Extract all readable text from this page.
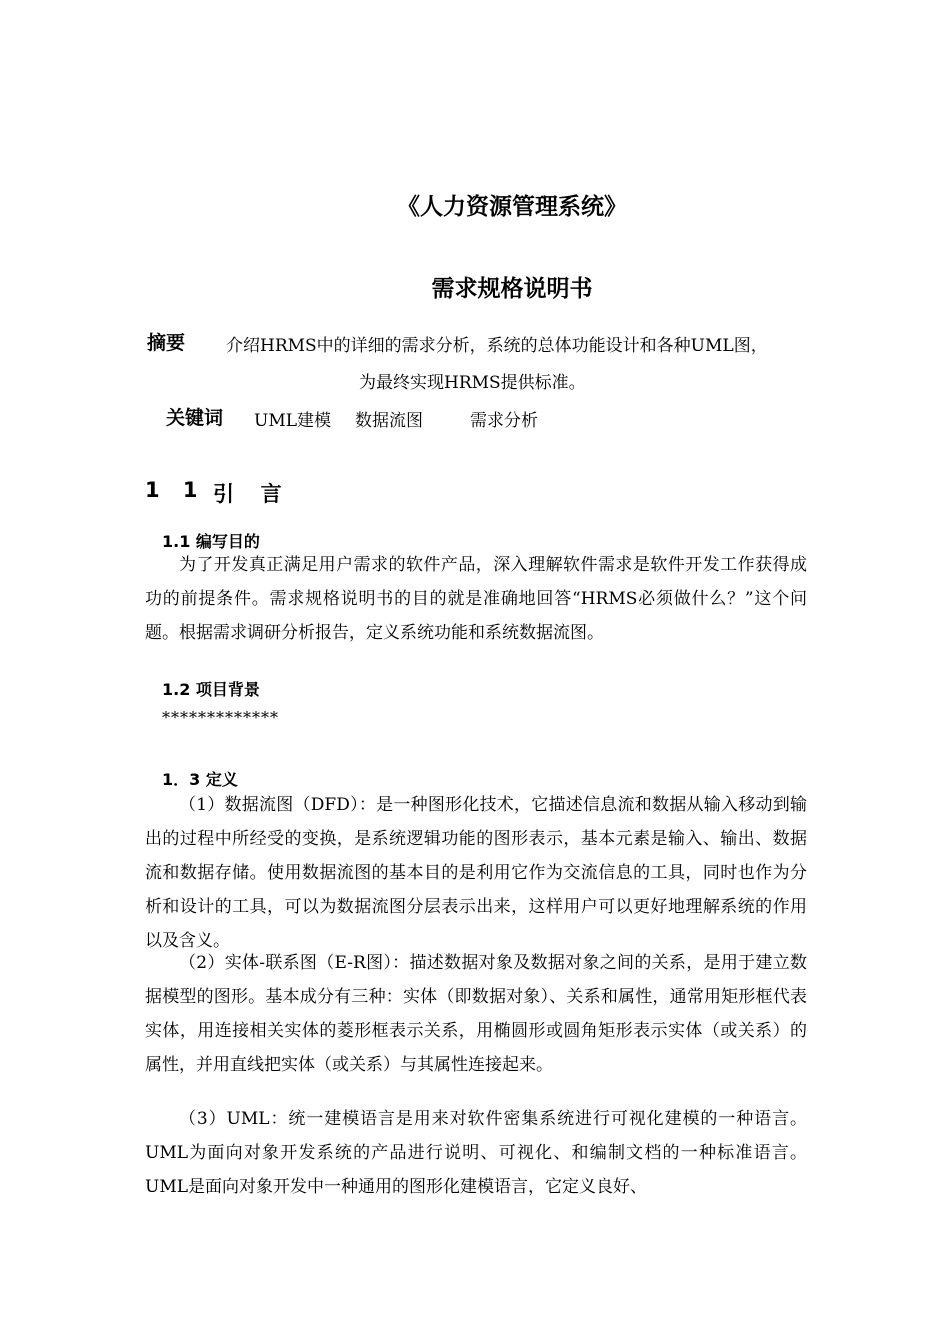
《人力资源管理系统》
需求规格说明书
摘要 介绍HRMS中的详细的需求分析，系统的总体功能设计和各种UML图，
为最终实现HRMS提供标准。
关键词 UML建模 数据流图	需求分析
1 1 引  言
1.1 编写目的

为了开发真正满足用户需求的软件产品，深入理解软件需求是软件开发工作获得成功的前提条件。需求规格说明书的目的就是准确地回答“HRMS必须做什么？”这个问题。根据需求调研分析报告，定义系统功能和系统数据流图。

1.2 项目背景
*************
1．3 定义

（1）数据流图（DFD）：是一种图形化技术，它描述信息流和数据从输入移动到输出的过程中所经受的变换，是系统逻辑功能的图形表示，基本元素是输入、输出、数据流和数据存储。使用数据流图的基本目的是利用它作为交流信息的工具，同时也作为分析和设计的工具，可以为数据流图分层表示出来，这样用户可以更好地理解系统的作用以及含义。

（2）实体-联系图（E-R图）：描述数据对象及数据对象之间的关系，是用于建立数据模型的图形。基本成分有三种：实体（即数据对象）、关系和属性，通常用矩形框代表实体，用连接相关实体的菱形框表示关系，用椭圆形或圆角矩形表示实体（或关系）的属性，并用直线把实体（或关系）与其属性连接起来。

（3）UML：统一建模语言是用来对软件密集系统进行可视化建模的一种语言。UML为面向对象开发系统的产品进行说明、可视化、和编制文档的一种标准语言。UML是面向对象开发中一种通用的图形化建模语言，它定义良好、
